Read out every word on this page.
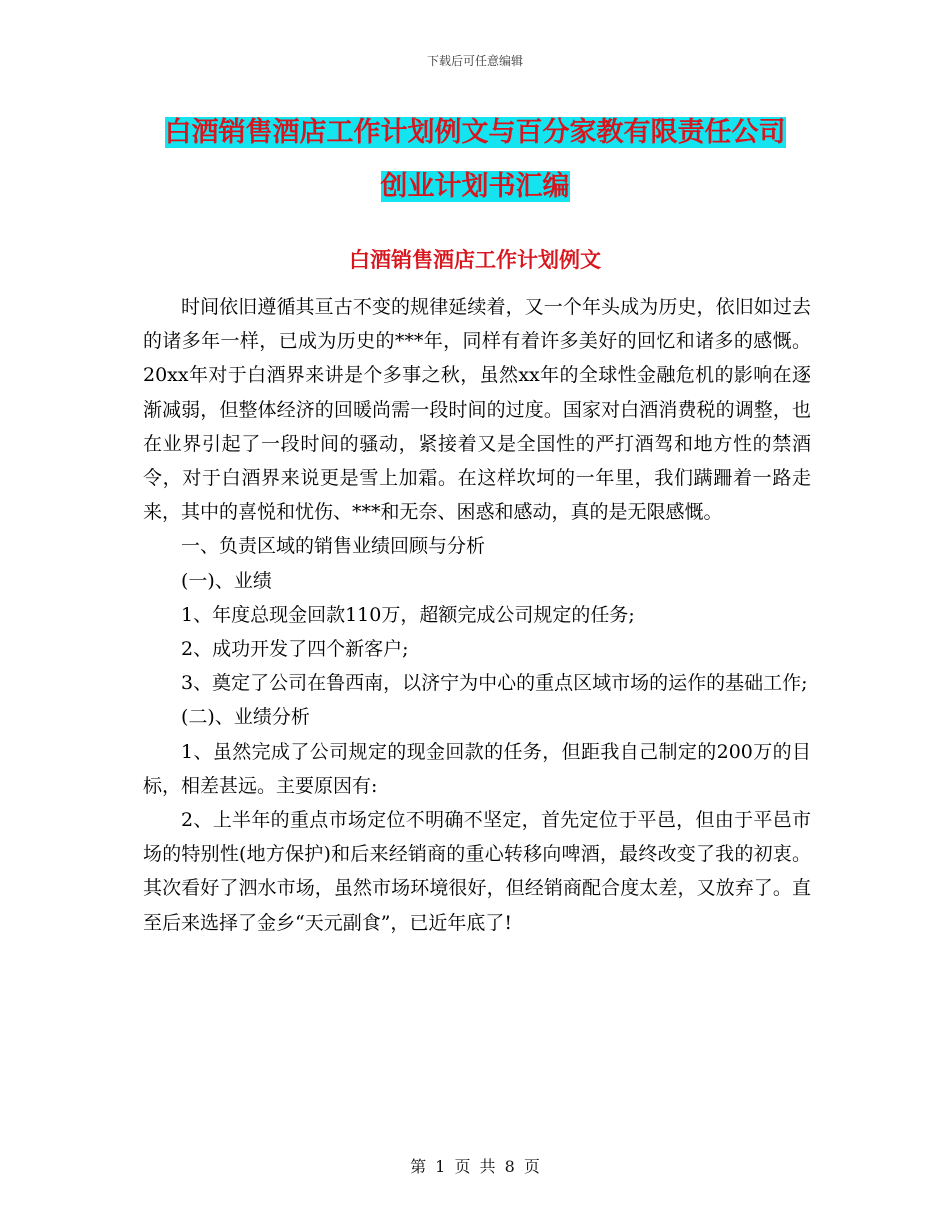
下载后可任意编辑
白酒销售酒店工作计划例文与百分家教有限责任公司
创业计划书汇编
白酒销售酒店工作计划例文

时间依旧遵循其亘古不变的规律延续着，又一个年头成为历史，依旧如过去的诸多年一样，已成为历史的***年，同样有着许多美好的回忆和诸多的感慨。20xx年对于白酒界来讲是个多事之秋，虽然xx年的全球性金融危机的影响在逐渐减弱，但整体经济的回暖尚需一段时间的过度。国家对白酒消费税的调整，也在业界引起了一段时间的骚动，紧接着又是全国性的严打酒驾和地方性的禁酒令，对于白酒界来说更是雪上加霜。在这样坎坷的一年里，我们蹒跚着一路走来，其中的喜悦和忧伤、***和无奈、困惑和感动，真的是无限感慨。

一、负责区域的销售业绩回顾与分析

(一)、业绩

1、年度总现金回款110万，超额完成公司规定的任务;

2、成功开发了四个新客户;

3、奠定了公司在鲁西南，以济宁为中心的重点区域市场的运作的基础工作;

(二)、业绩分析

1、虽然完成了公司规定的现金回款的任务，但距我自己制定的200万的目标，相差甚远。主要原因有:

2、上半年的重点市场定位不明确不坚定，首先定位于平邑，但由于平邑市场的特别性(地方保护)和后来经销商的重心转移向啤酒，最终改变了我的初衷。其次看好了泗水市场，虽然市场环境很好，但经销商配合度太差，又放弃了。直至后来选择了金乡“天元副食”，已近年底了!

第 1 页 共 8 页
